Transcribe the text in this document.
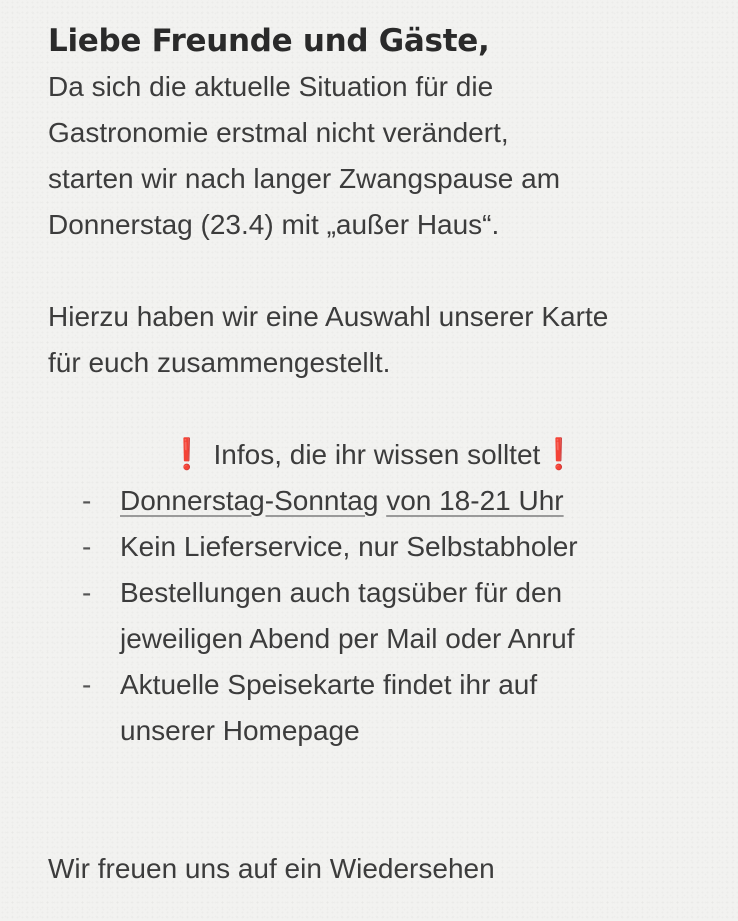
Liebe Freunde und Gäste,

Da sich die aktuelle Situation für die
Gastronomie erstmal nicht verändert,
starten wir nach langer Zwangspause am
Donnerstag (23.4) mit „außer Haus“.

Hierzu haben wir eine Auswahl unserer Karte
für euch zusammengestellt.

❗ Infos, die ihr wissen solltet❗

- Donnerstag-Sonntag von 18-21 Uhr
- Kein Lieferservice, nur Selbstabholer
- Bestellungen auch tagsüber für den
jeweiligen Abend per Mail oder Anruf
- Aktuelle Speisekarte findet ihr auf
unserer Homepage

Wir freuen uns auf ein Wiedersehen
